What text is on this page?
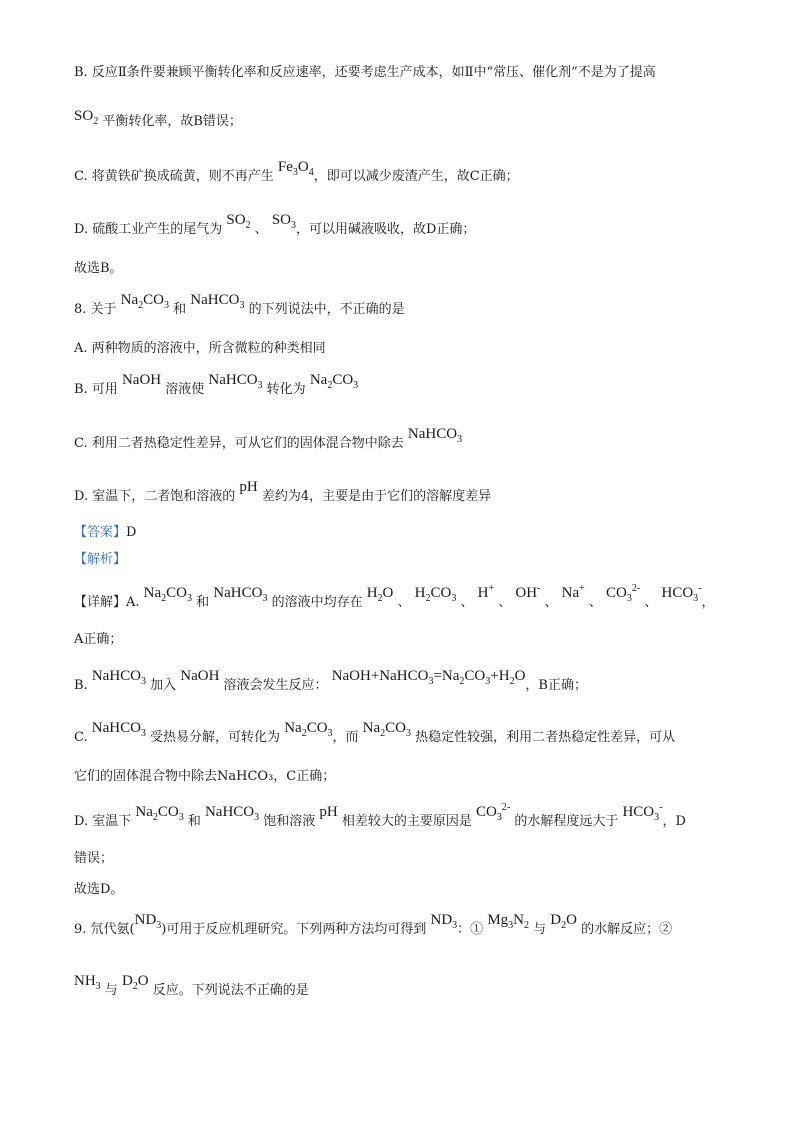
B. 反应Ⅱ条件要兼顾平衡转化率和反应速率，还要考虑生产成本，如Ⅱ中“常压、催化剂”不是为了提高
$SO_2$ 平衡转化率，故B错误；
C. 将黄铁矿换成硫黄，则不再产生 $Fe_3O_4$，即可以减少废渣产生，故C正确；
D. 硫酸工业产生的尾气为 $SO_2$ 、 $SO_3$，可以用碱液吸收，故D正确；
故选B。
8. 关于 $Na_2CO_3$ 和 NaHCO$_3$ 的下列说法中，不正确的是
A. 两种物质的溶液中，所含微粒的种类相同
B. 可用 NaOH 溶液使 NaHCO$_3$ 转化为 $Na_2CO_3$
C. 利用二者热稳定性差异，可从它们的固体混合物中除去 NaHCO$_3$
D. 室温下，二者饱和溶液的 pH 差约为4，主要是由于它们的溶解度差异
【答案】D
【解析】
【详解】A. $Na_2CO_3$ 和 NaHCO$_3$ 的溶液中均存在 $H_2O$ 、 $H_2CO_3$ 、 H+ 、 OH- 、 Na+ 、 $CO_3^{2-}$ 、 $HCO_3^-$，
A正确；
B. NaHCO$_3$ 加入 NaOH 溶液会发生反应： $NaOH+NaHCO_3=Na_2CO_3+H_2O$，B正确；
C. NaHCO$_3$ 受热易分解，可转化为 $Na_2CO_3$，而 $Na_2CO_3$ 热稳定性较强，利用二者热稳定性差异，可从
它们的固体混合物中除去NaHCO₃，C正确；
D. 室温下 $Na_2CO_3$ 和 NaHCO$_3$ 饱和溶液 pH 相差较大的主要原因是 $CO_3^{2-}$ 的水解程度远大于 $HCO_3^-$，D
错误；
故选D。
9. 氘代氨$(ND_3)$可用于反应机理研究。下列两种方法均可得到 $ND_3$：① $Mg_3N_2$ 与 $D_2O$ 的水解反应；②
$NH_3$ 与 $D_2O$ 反应。下列说法不正确的是
